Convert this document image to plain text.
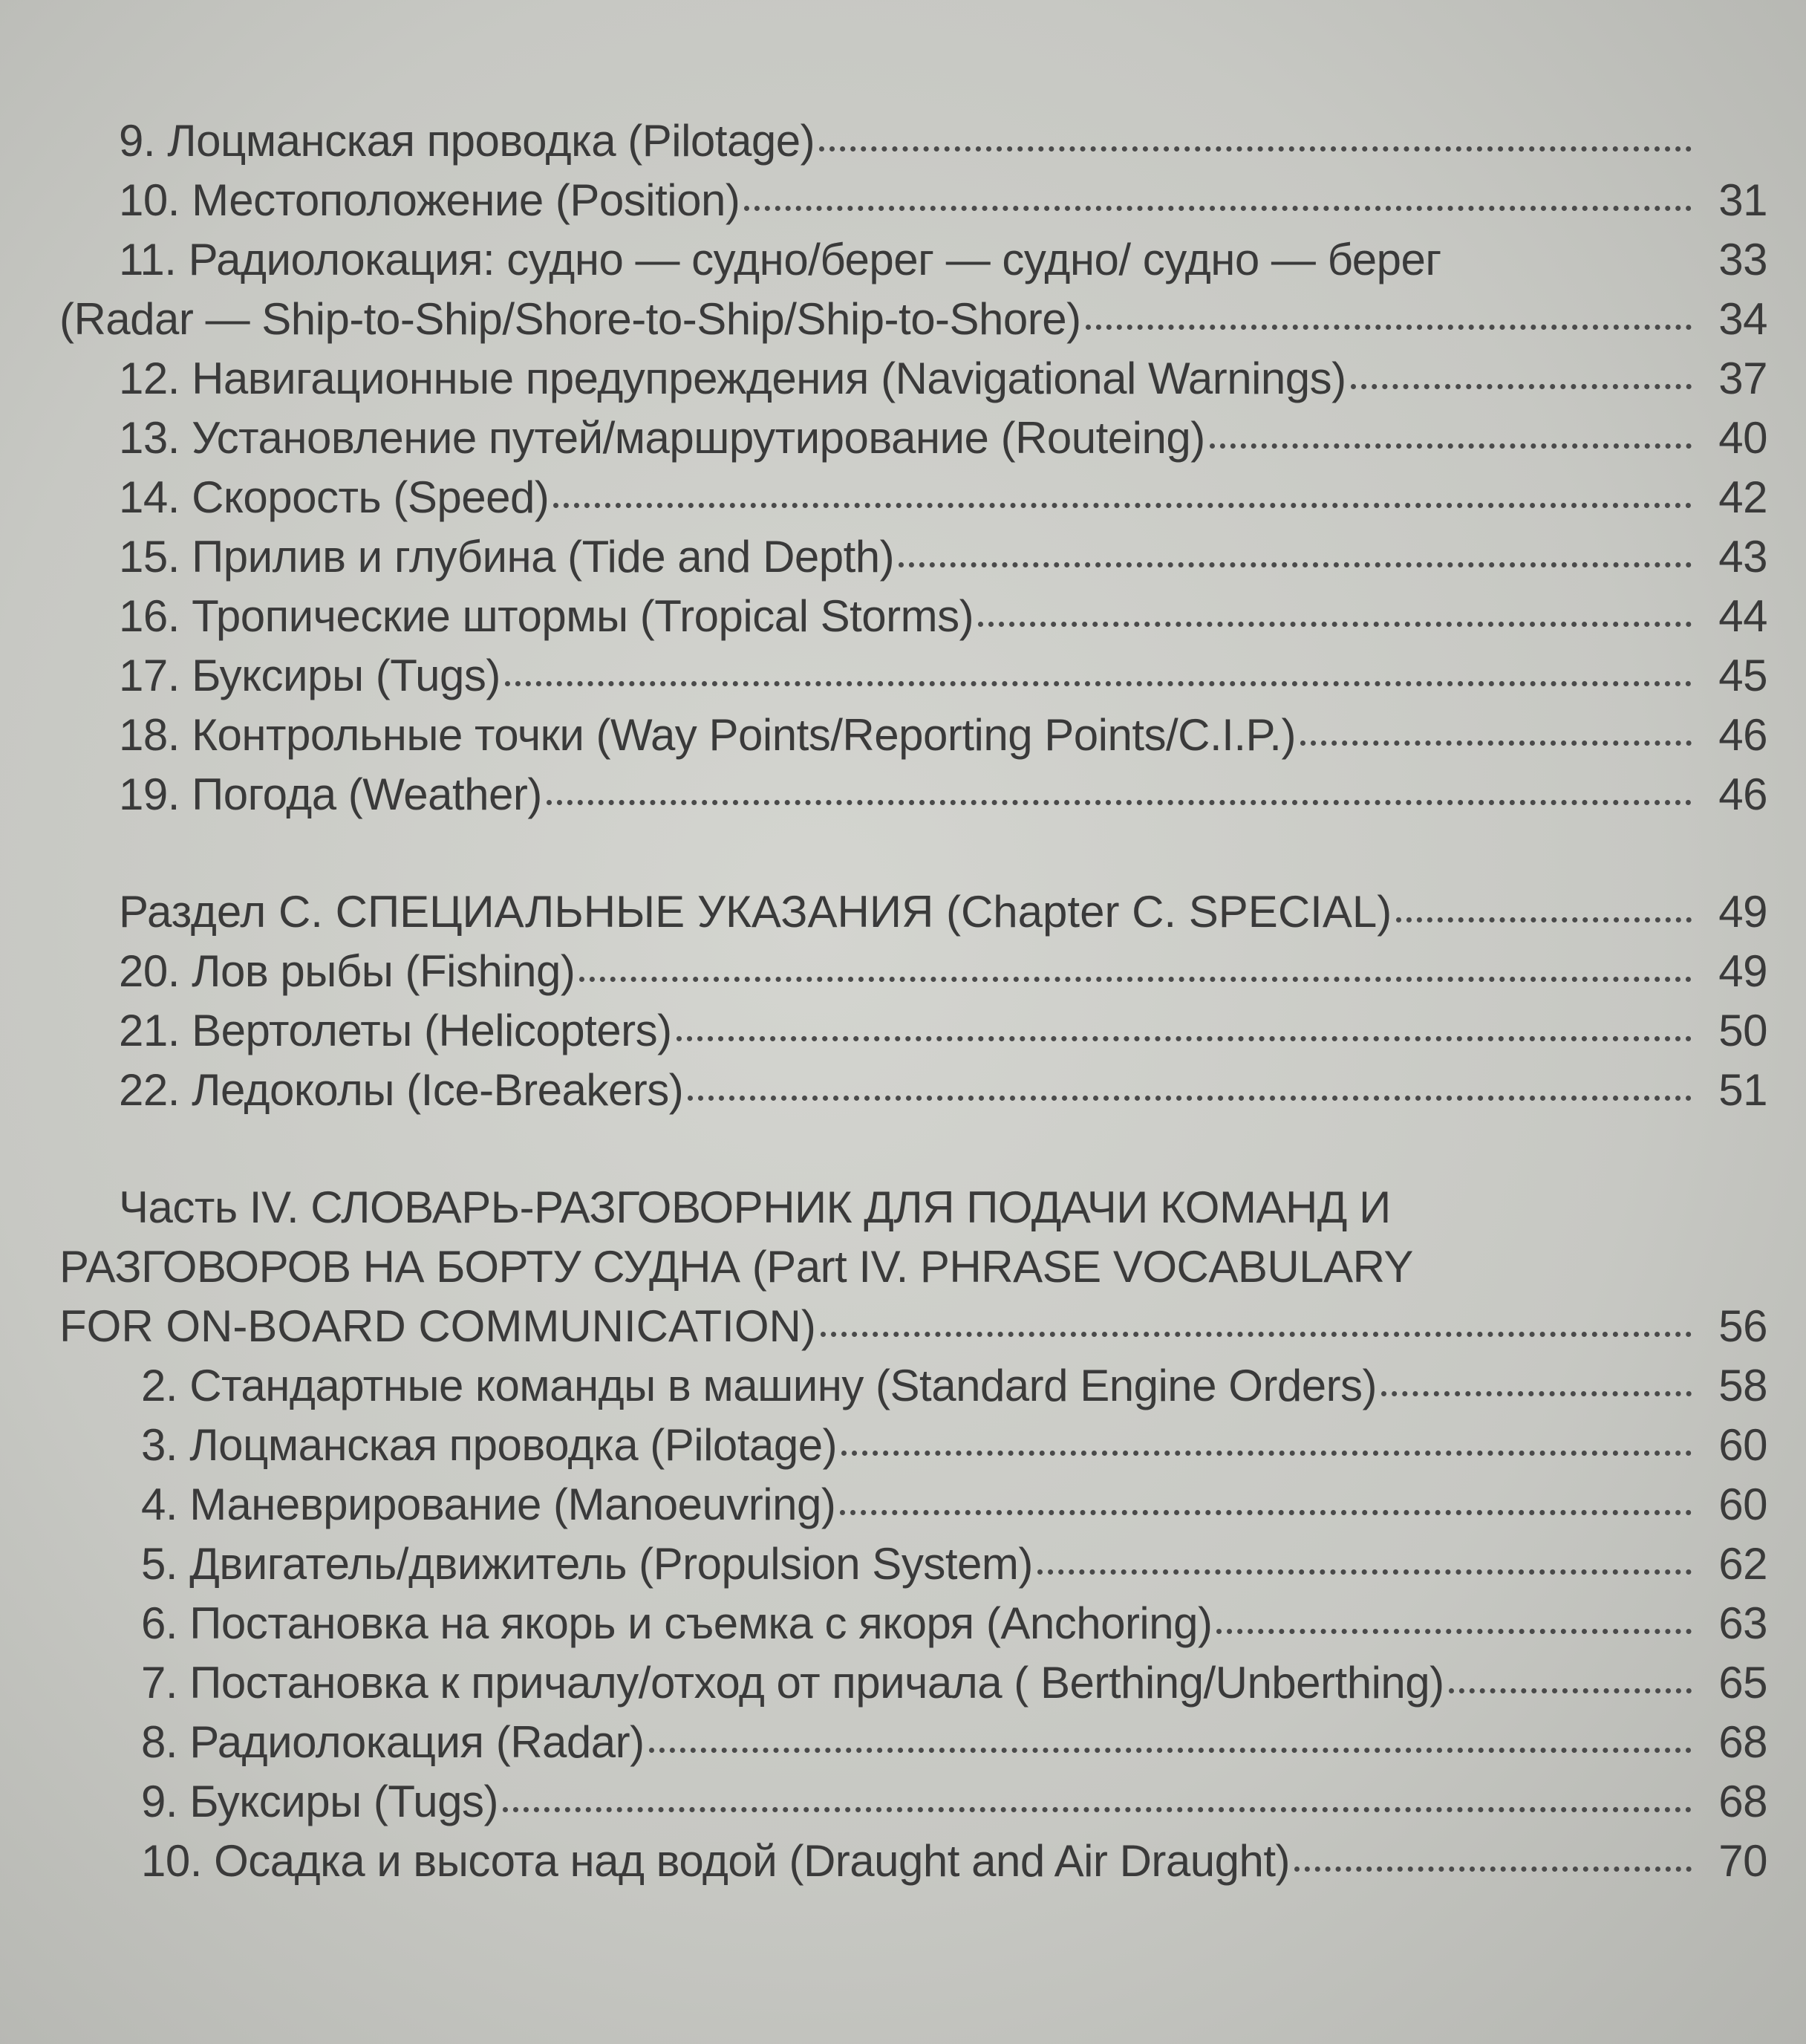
9. Лоцманская проводка (Pilotage)
10. Местоположение (Position)	31
11. Радиолокация: судно — судно/берег — судно/ судно — берег	33
(Radar — Ship-to-Ship/Shore-to-Ship/Ship-to-Shore)	34
12. Навигационные предупреждения (Navigational Warnings)	37
13. Установление путей/маршрутирование (Routeing)	40
14. Скорость (Speed)	42
15. Прилив и глубина (Tide and Depth)	43
16. Тропические штормы (Tropical Storms)	44
17. Буксиры (Tugs)	45
18. Контрольные точки (Way Points/Reporting Points/C.I.P.)	46
19. Погода (Weather)	46
Раздел С. СПЕЦИАЛЬНЫЕ УКАЗАНИЯ (Chapter C. SPECIAL)	49
20. Лов рыбы (Fishing)	49
21. Вертолеты (Helicopters)	50
22. Ледоколы (Ice-Breakers)	51
Часть IV. СЛОВАРЬ-РАЗГОВОРНИК ДЛЯ ПОДАЧИ КОМАНД И
РАЗГОВОРОВ НА БОРТУ СУДНА (Part IV. PHRASE VOCABULARY
FOR ON-BOARD COMMUNICATION)	56
2. Стандартные команды в машину (Standard Engine Orders)	58
3. Лоцманская проводка (Pilotage)	60
4. Маневрирование (Manoeuvring)	60
5. Двигатель/движитель (Propulsion System)	62
6. Постановка на якорь и съемка с якоря (Anchoring)	63
7. Постановка к причалу/отход от причала ( Berthing/Unberthing)	65
8. Радиолокация (Radar)	68
9. Буксиры (Tugs)	68
10. Осадка и высота над водой (Draught and Air Draught)	70
